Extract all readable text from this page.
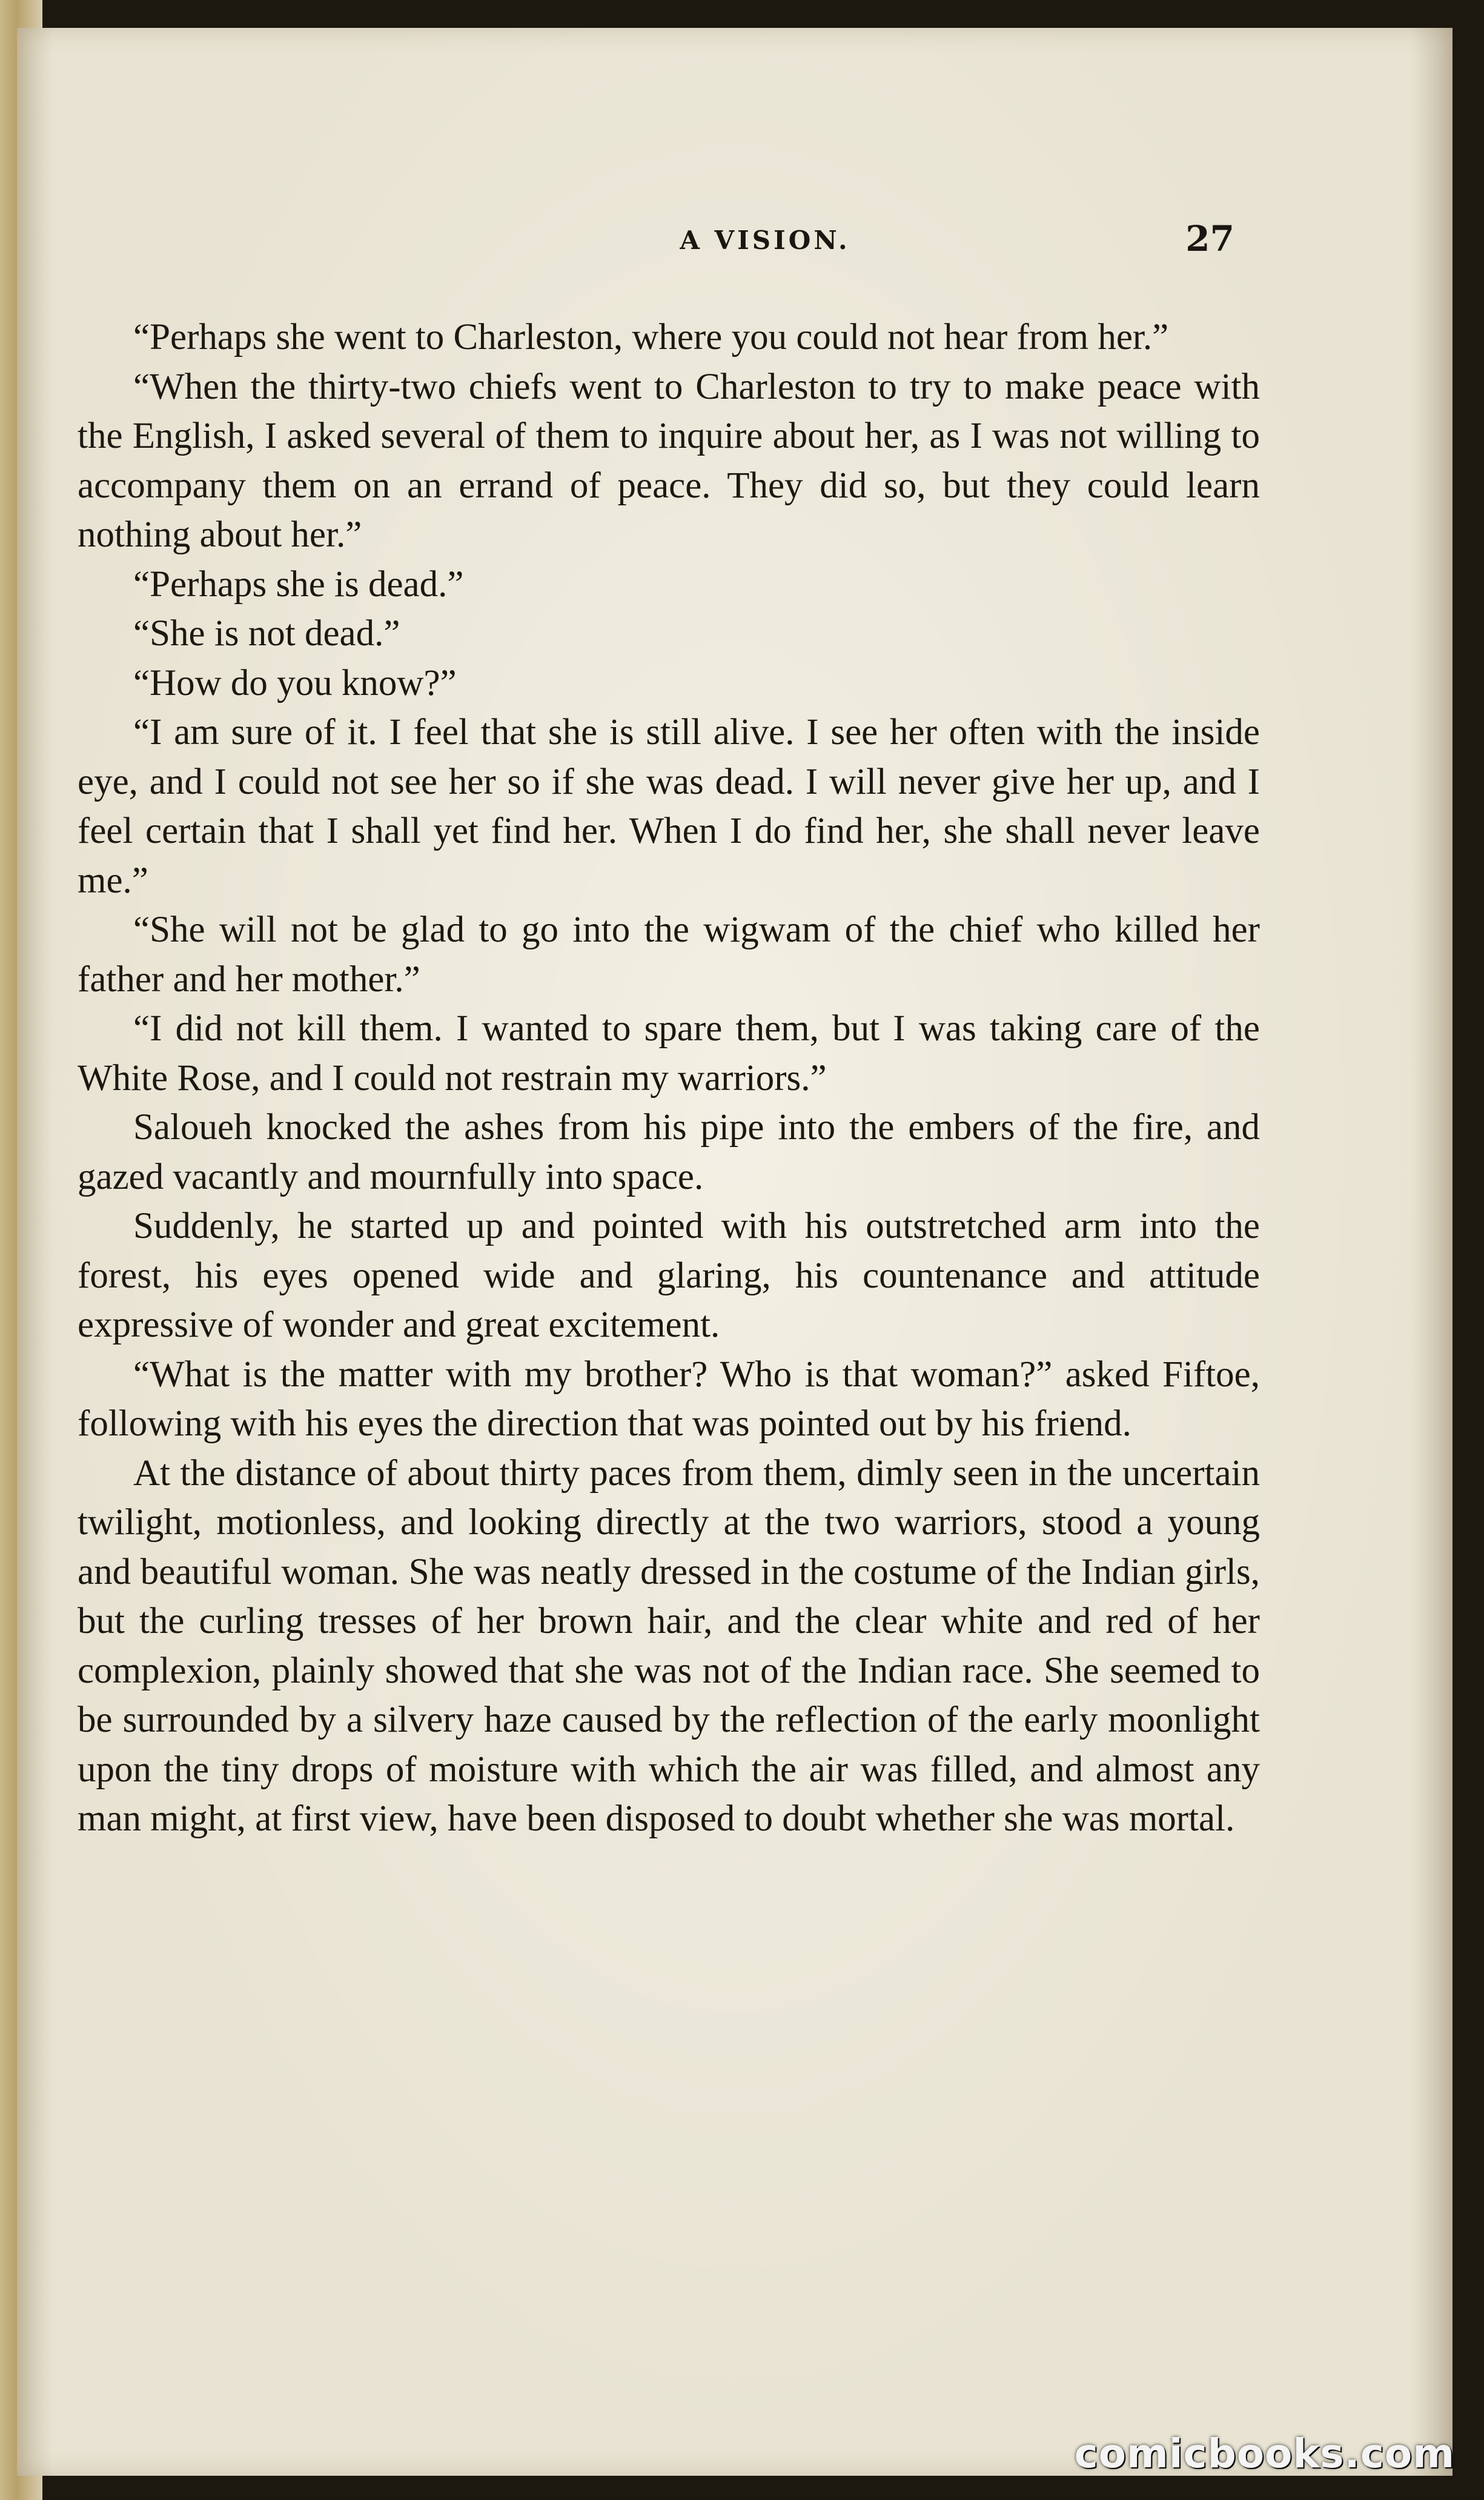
A VISION.	27

“Perhaps she went to Charleston, where you could not hear from her.”

“When the thirty-two chiefs went to Charleston to try to make peace with the English, I asked several of them to inquire about her, as I was not willing to accompany them on an errand of peace. They did so, but they could learn nothing about her.”

“Perhaps she is dead.”

“She is not dead.”

“How do you know?”

“I am sure of it. I feel that she is still alive. I see her often with the inside eye, and I could not see her so if she was dead. I will never give her up, and I feel certain that I shall yet find her. When I do find her, she shall never leave me.”

“She will not be glad to go into the wigwam of the chief who killed her father and her mother.”

“I did not kill them. I wanted to spare them, but I was taking care of the White Rose, and I could not restrain my warriors.”

Saloueh knocked the ashes from his pipe into the embers of the fire, and gazed vacantly and mournfully into space.

Suddenly, he started up and pointed with his outstretched arm into the forest, his eyes opened wide and glaring, his countenance and attitude expressive of wonder and great excitement.

“What is the matter with my brother? Who is that woman?” asked Fiftoe, following with his eyes the direction that was pointed out by his friend.

At the distance of about thirty paces from them, dimly seen in the uncertain twilight, motionless, and looking directly at the two warriors, stood a young and beautiful woman. She was neatly dressed in the costume of the Indian girls, but the curling tresses of her brown hair, and the clear white and red of her complexion, plainly showed that she was not of the Indian race. She seemed to be surrounded by a silvery haze caused by the reflection of the early moonlight upon the tiny drops of moisture with which the air was filled, and almost any man might, at first view, have been disposed to doubt whether she was mortal.

comicbooks.com
